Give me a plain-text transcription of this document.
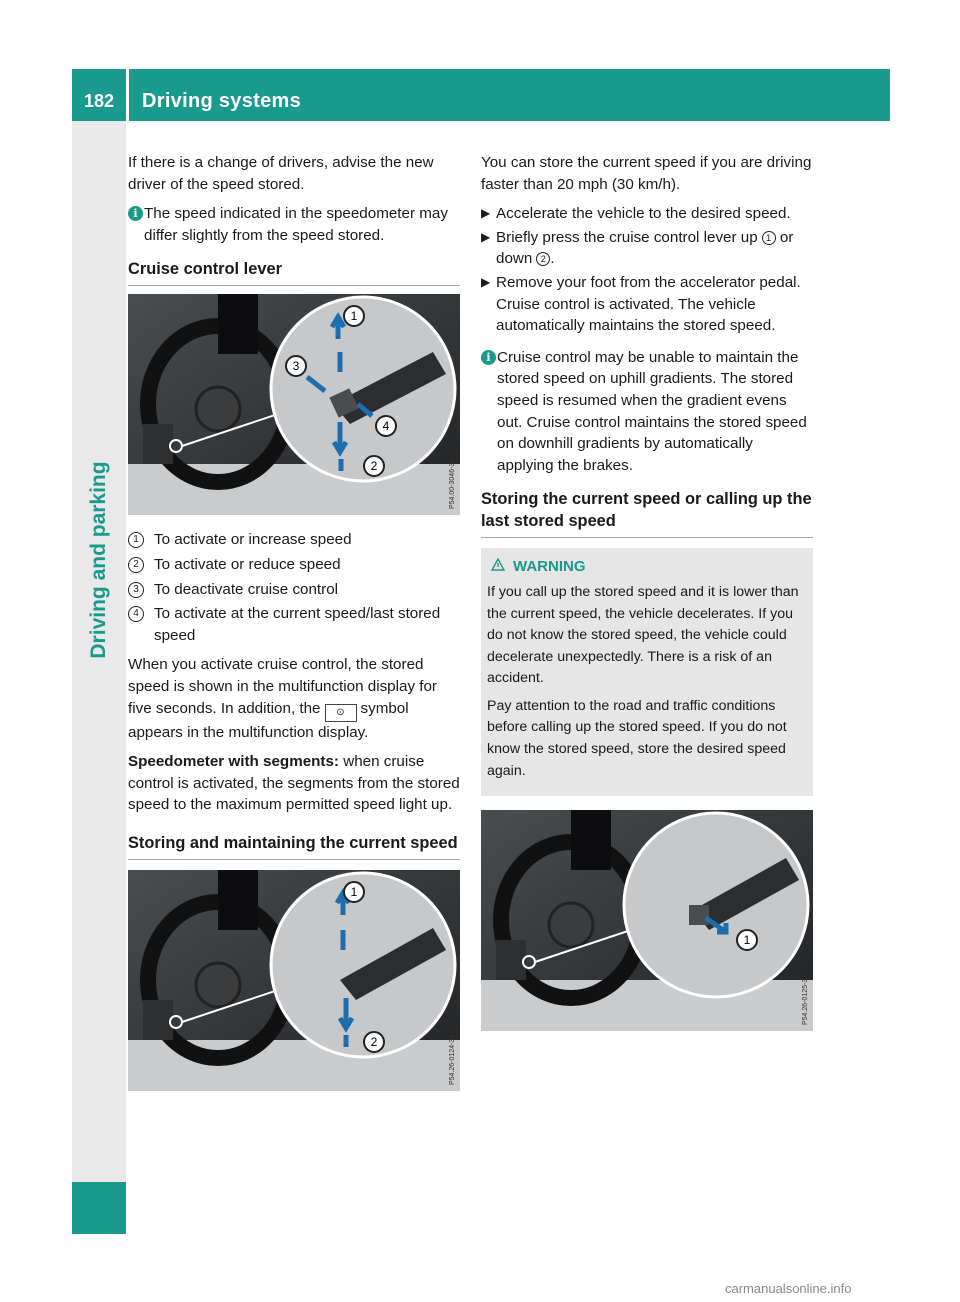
182	Driving systems
Driving and parking

If there is a change of drivers, advise the new driver of the speed stored.

i The speed indicated in the speedometer may differ slightly from the speed stored.
Cruise control lever
1
3
4
2	P54.00-3046-31
1	To activate or increase speed
2	To activate or reduce speed
3	To deactivate cruise control
4	To activate at the current speed/last stored speed

When you activate cruise control, the stored speed is shown in the multifunction display for five seconds. In addition, the ⊙ symbol appears in the multifunction display.

Speedometer with segments: when cruise control is activated, the segments from the stored speed to the maximum permitted speed light up.

Storing and maintaining the current speed
1
2	P54.26-0124-31

You can store the current speed if you are driving faster than 20 mph (30 km/h).

▶ Accelerate the vehicle to the desired speed.
▶ Briefly press the cruise control lever up 1 or down 2 .
▶ Remove your foot from the accelerator pedal.
Cruise control is activated. The vehicle automatically maintains the stored speed.
i Cruise control may be unable to maintain the stored speed on uphill gradients. The stored speed is resumed when the gradient evens out. Cruise control maintains the stored speed on downhill gradients by automatically applying the brakes.
Storing the current speed or calling up the last stored speed
WARNING

If you call up the stored speed and it is lower than the current speed, the vehicle decelerates. If you do not know the stored speed, the vehicle could decelerate unexpectedly. There is a risk of an accident.

Pay attention to the road and traffic conditions before calling up the stored speed. If you do not know the stored speed, store the desired speed again.

1
P54.26-0125-31
carmanualsonline.info
